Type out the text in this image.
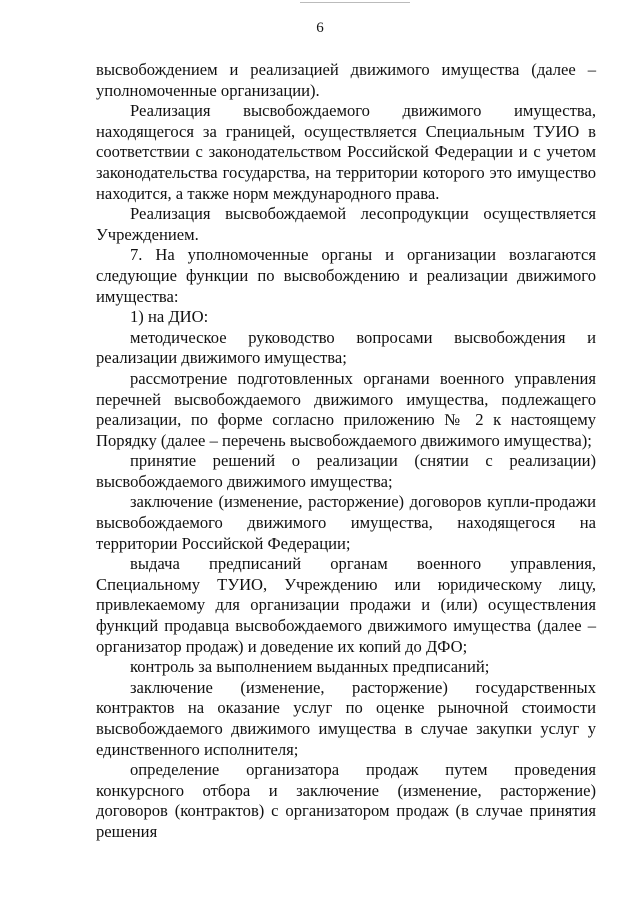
6

высвобождением и реализацией движимого имущества (далее – уполномоченные организации).

Реализация высвобождаемого движимого имущества, находящегося за границей, осуществляется Специальным ТУИО в соответствии с законодательством Российской Федерации и с учетом законодательства государства, на территории которого это имущество находится, а также норм международного права.

Реализация высвобождаемой лесопродукции осуществляется Учреждением.

7. На уполномоченные органы и организации возлагаются следующие функции по высвобождению и реализации движимого имущества:

1) на ДИО:

методическое руководство вопросами высвобождения и реализации движимого имущества;

рассмотрение подготовленных органами военного управления перечней высвобождаемого движимого имущества, подлежащего реализации, по форме согласно приложению № 2 к настоящему Порядку (далее – перечень высвобождаемого движимого имущества);

принятие решений о реализации (снятии с реализации) высвобождаемого движимого имущества;

заключение (изменение, расторжение) договоров купли-продажи высвобождаемого движимого имущества, находящегося на территории Российской Федерации;

выдача предписаний органам военного управления, Специальному ТУИО, Учреждению или юридическому лицу, привлекаемому для организации продажи и (или) осуществления функций продавца высвобождаемого движимого имущества (далее – организатор продаж) и доведение их копий до ДФО;

контроль за выполнением выданных предписаний;

заключение (изменение, расторжение) государственных контрактов на оказание услуг по оценке рыночной стоимости высвобождаемого движимого имущества в случае закупки услуг у единственного исполнителя;

определение организатора продаж путем проведения конкурсного отбора и заключение (изменение, расторжение) договоров (контрактов) с организатором продаж (в случае принятия решения
